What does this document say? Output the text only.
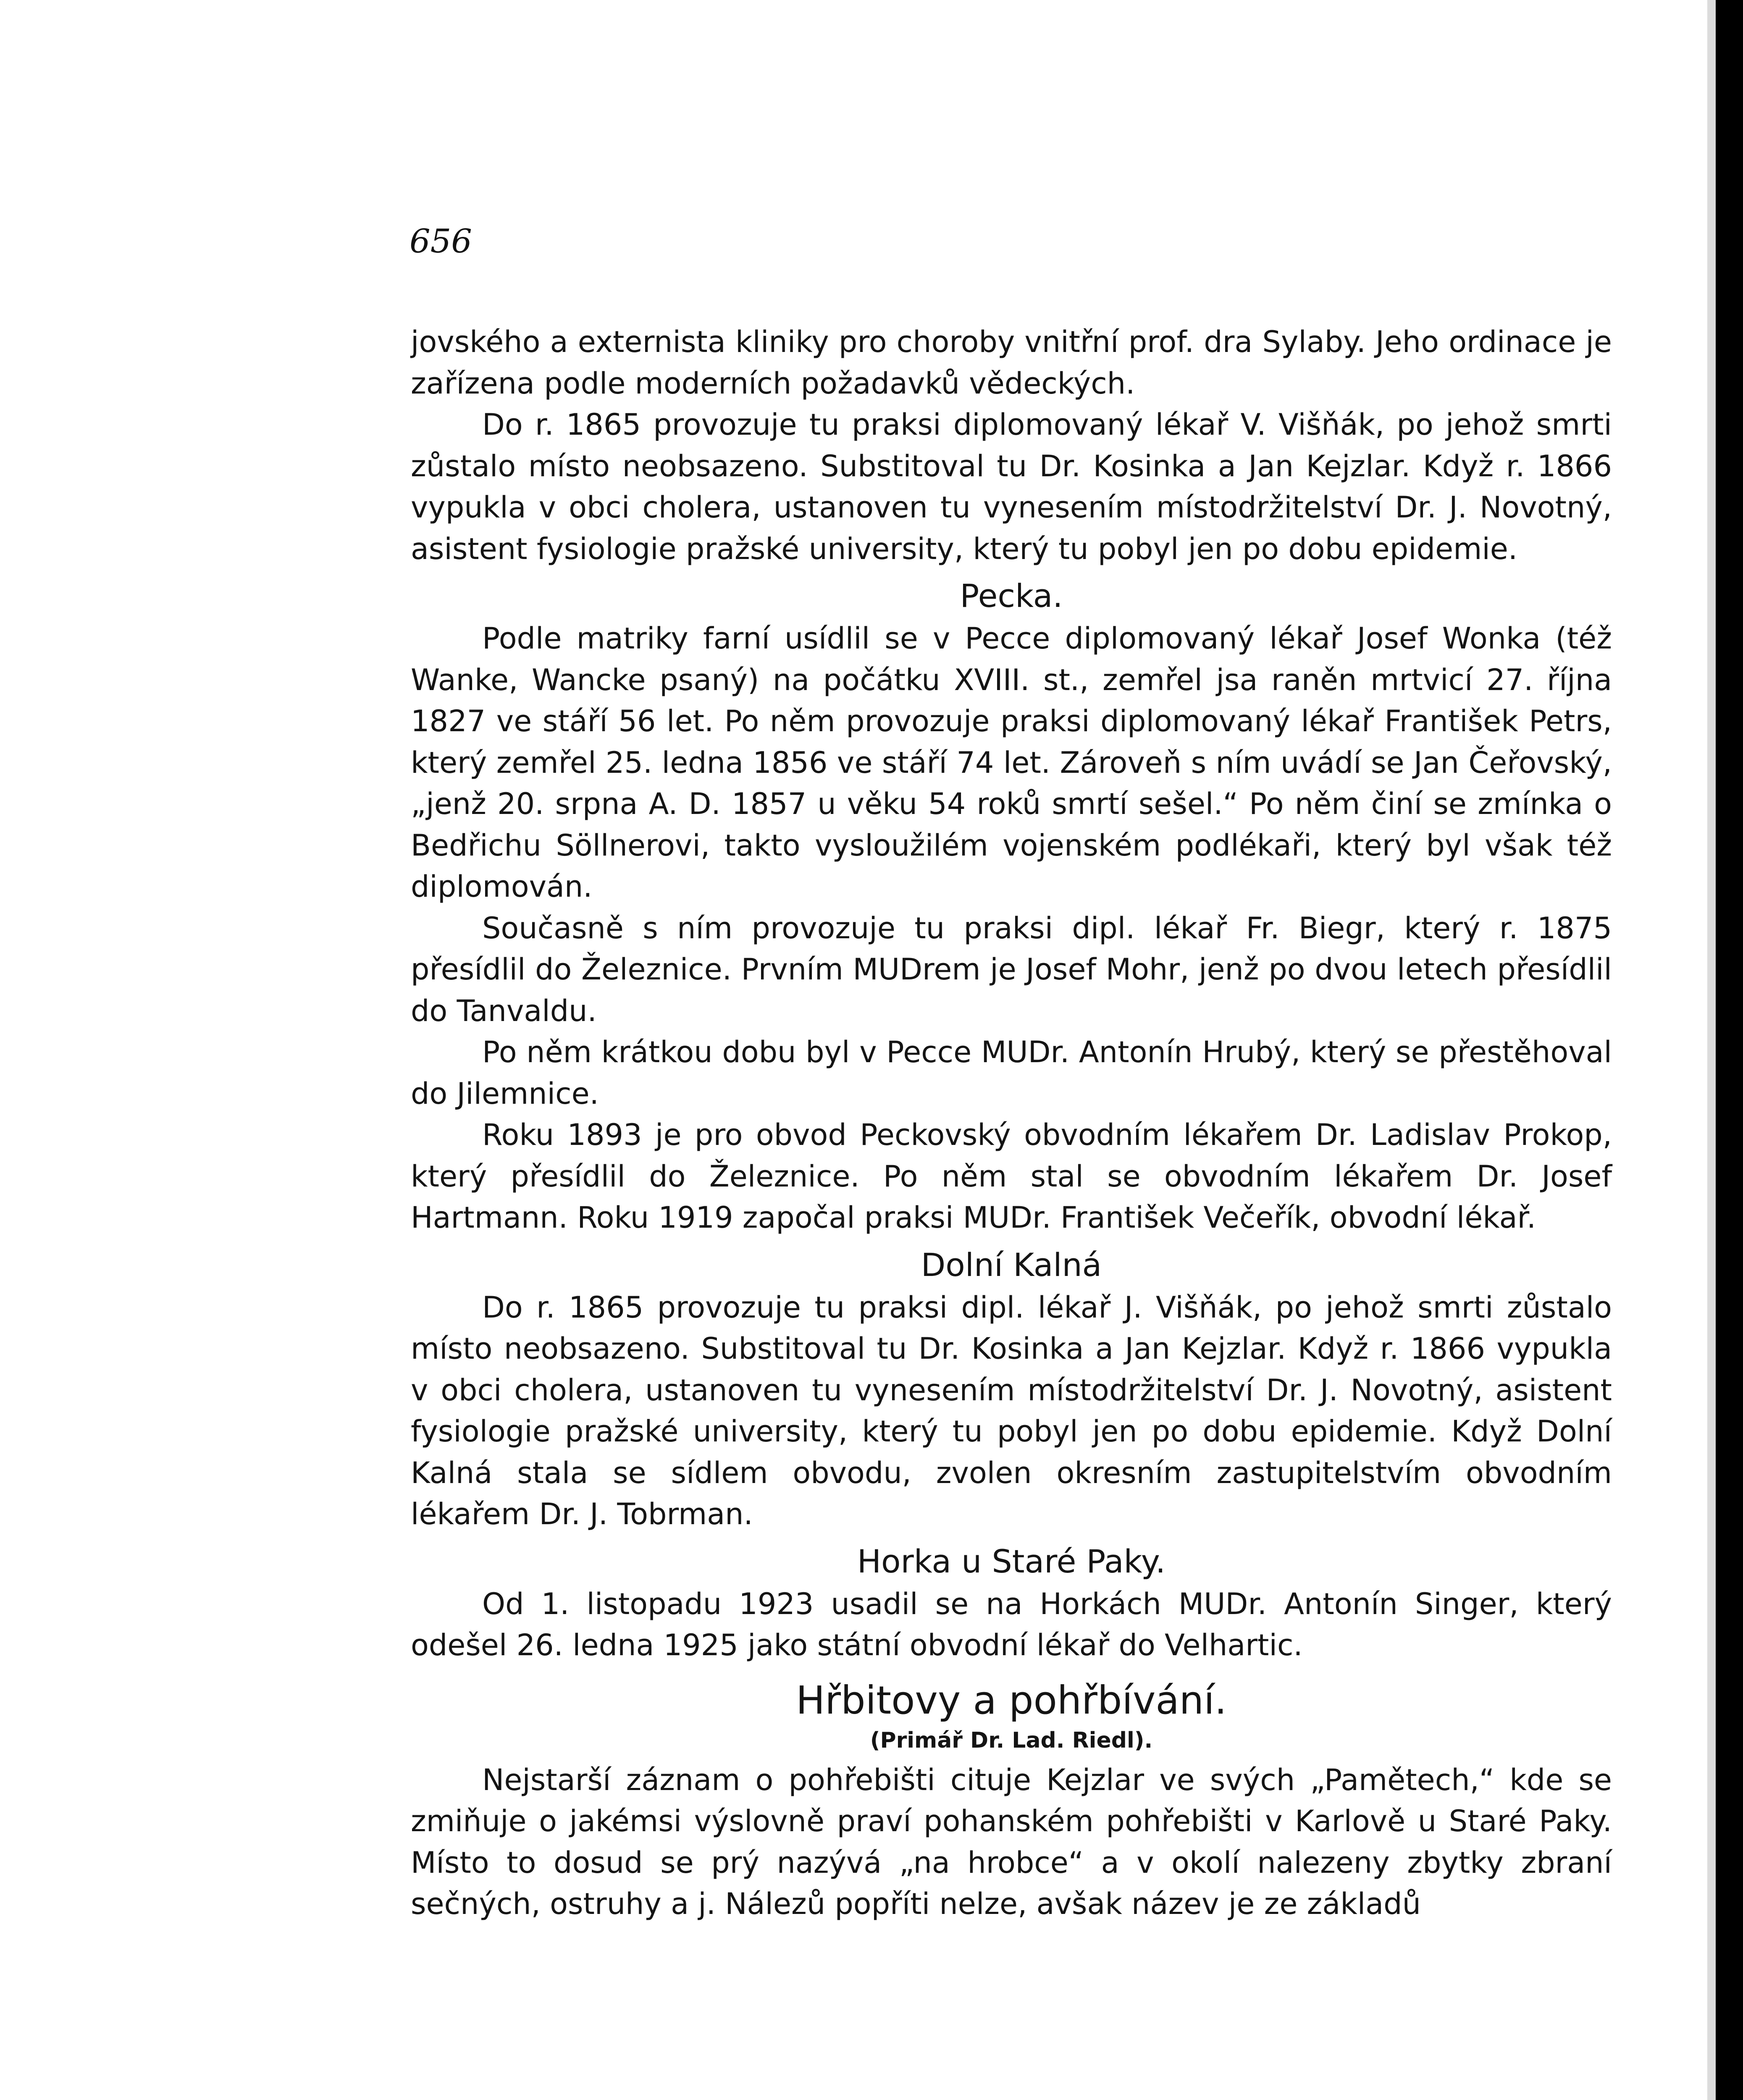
656

jovského a externista kliniky pro choroby vnitřní prof. dra Sylaby. Jeho ordinace je zařízena podle moderních požadavků vědeckých.

Do r. 1865 provozuje tu praksi diplomovaný lékař V. Višňák, po jehož smrti zůstalo místo neobsazeno. Substitoval tu Dr. Kosinka a Jan Kejzlar. Když r. 1866 vypukla v obci cholera, ustanoven tu vynesením místodržitelství Dr. J. Novotný, asistent fysiologie pražské university, který tu pobyl jen po dobu epidemie.

Pecka.

Podle matriky farní usídlil se v Pecce diplomovaný lékař Josef Wonka (též Wanke, Wancke psaný) na počátku XVIII. st., zemřel jsa raněn mrtvicí 27. října 1827 ve stáří 56 let. Po něm provozuje praksi diplomovaný lékař František Petrs, který zemřel 25. ledna 1856 ve stáří 74 let. Zároveň s ním uvádí se Jan Čeřovský, „jenž 20. srpna A. D. 1857 u věku 54 roků smrtí sešel.“ Po něm činí se zmínka o Bedřichu Söllnerovi, takto vysloužilém vojenském podlékaři, který byl však též diplomován.

Současně s ním provozuje tu praksi dipl. lékař Fr. Biegr, který r. 1875 přesídlil do Železnice. Prvním MUDrem je Josef Mohr, jenž po dvou letech přesídlil do Tanvaldu.

Po něm krátkou dobu byl v Pecce MUDr. Antonín Hrubý, který se přestěhoval do Jilemnice.

Roku 1893 je pro obvod Peckovský obvodním lékařem Dr. Ladislav Prokop, který přesídlil do Železnice. Po něm stal se obvodním lékařem Dr. Josef Hartmann. Roku 1919 započal praksi MUDr. František Večeřík, obvodní lékař.

Dolní Kalná

Do r. 1865 provozuje tu praksi dipl. lékař J. Višňák, po jehož smrti zůstalo místo neobsazeno. Substitoval tu Dr. Kosinka a Jan Kejzlar. Když r. 1866 vypukla v obci cholera, ustanoven tu vynesením místodržitelství Dr. J. Novotný, asistent fysiologie pražské university, který tu pobyl jen po dobu epidemie. Když Dolní Kalná stala se sídlem obvodu, zvolen okresním zastupitelstvím obvodním lékařem Dr. J. Tobrman.

Horka u Staré Paky.

Od 1. listopadu 1923 usadil se na Horkách MUDr. Antonín Singer, který odešel 26. ledna 1925 jako státní obvodní lékař do Velhartic.

Hřbitovy a pohřbívání.

(Primář Dr. Lad. Riedl).

Nejstarší záznam o pohřebišti cituje Kejzlar ve svých „Pamětech,“ kde se zmiňuje o jakémsi výslovně praví pohanském pohřebišti v Karlově u Staré Paky. Místo to dosud se prý nazývá „na hrobce“ a v okolí nalezeny zbytky zbraní sečných, ostruhy a j. Nálezů popříti nelze, avšak název je ze základů
